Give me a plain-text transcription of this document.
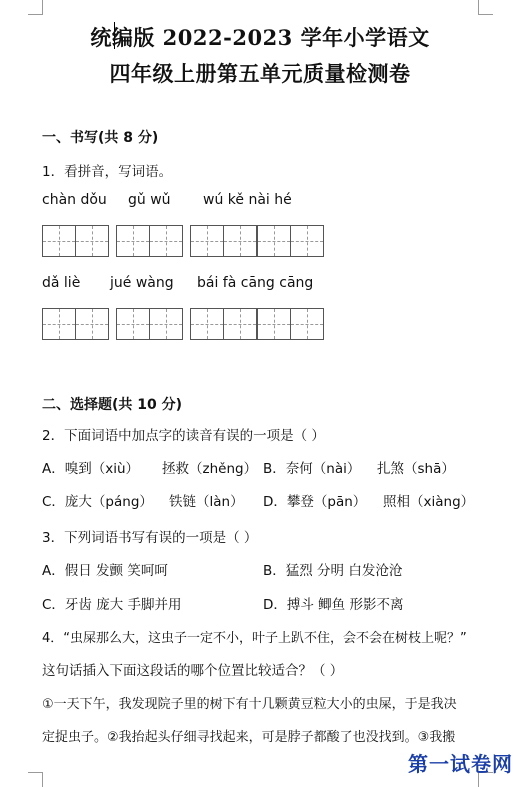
统编版 2022-2023 学年小学语文
四年级上册第五单元质量检测卷
一、书写(共 8 分)
1．看拼音，写词语。
chàn dǒu gǔ wǔ wú kě nài hé
dǎ liè jué wàng bái fà cāng cāng
二、选择题(共 10 分)
2．下面词语中加点字的读音有误的一项是（ ）
A．嗅到（xiù） 拯救（zhěng） B．奈何（nài） 扎煞（shā）
C．庞大（páng） 铁链（làn） D．攀登（pān） 照相（xiàng）
3．下列词语书写有误的一项是（ ）
A．假日 发颤 笑呵呵	B．猛烈 分明 白发沧沧
C．牙齿 庞大 手脚并用	D．搏斗 鲫鱼 形影不离
4．“虫屎那么大，这虫子一定不小，叶子上趴不住，会不会在树枝上呢？”
这句话插入下面这段话的哪个位置比较适合？（ ）
①一天下午，我发现院子里的树下有十几颗黄豆粒大小的虫屎，于是我决
定捉虫子。②我抬起头仔细寻找起来，可是脖子都酸了也没找到。③我搬
第一试卷网
